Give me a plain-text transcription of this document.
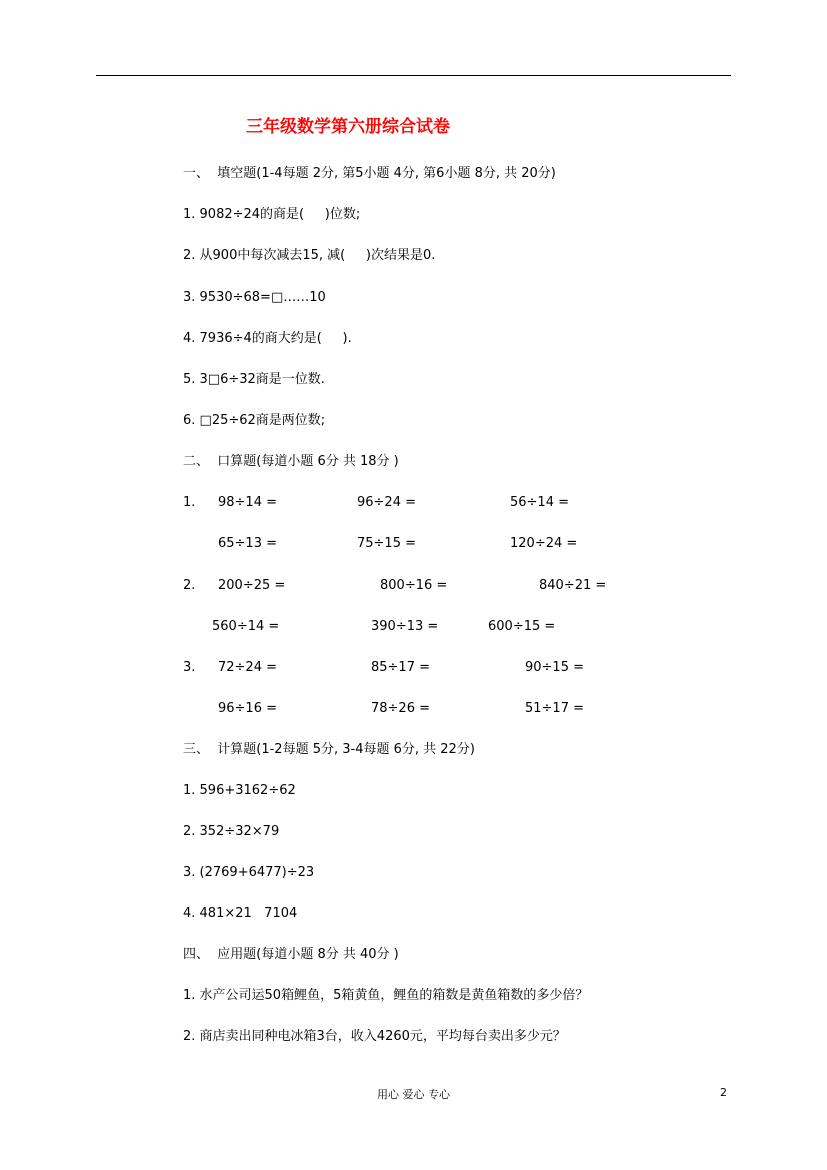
三年级数学第六册综合试卷
一、  填空题(1-4每题 2分, 第5小题 4分, 第6小题 8分, 共 20分)
1. 9082÷24的商是(     )位数;
2. 从900中每次减去15, 减(     )次结果是0.
3. 9530÷68=□……10
4. 7936÷4的商大约是(     ).
5. 3□6÷32商是一位数.
6. □25÷62商是两位数;
二、  口算题(每道小题 6分 共 18分 )
1. 98÷14 =	96÷24 =	56÷14 =
65÷13 =	75÷15 =	120÷24 =
2. 200÷25 =	800÷16 =	840÷21 =
560÷14 =	390÷13 =	600÷15 =
3. 72÷24 =	85÷17 =	90÷15 =
96÷16 =	78÷26 =	51÷17 =
三、  计算题(1-2每题 5分, 3-4每题 6分, 共 22分)
1. 596+3162÷62
2. 352÷32×79
3. (2769+6477)÷23
4. 481×21   7104
四、  应用题(每道小题 8分 共 40分 )
1. 水产公司运50箱鲤鱼，5箱黄鱼，鲤鱼的箱数是黄鱼箱数的多少倍？
2. 商店卖出同种电冰箱3台，收入4260元，平均每台卖出多少元？
用心 爱心 专心	2
